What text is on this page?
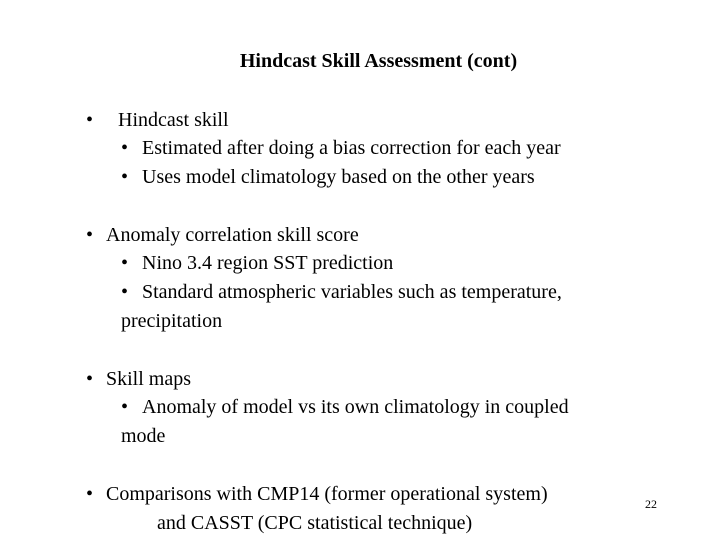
Hindcast Skill Assessment (cont)
• Hindcast skill
• Estimated after doing a bias correction for each year
• Uses model climatology based on the other years
• Anomaly correlation skill score
• Nino 3.4 region SST prediction
• Standard atmospheric variables such as temperature,
precipitation
• Skill maps
• Anomaly of model vs its own climatology in coupled
mode
• Comparisons with CMP14 (former operational system)
and CASST (CPC statistical technique)
22
